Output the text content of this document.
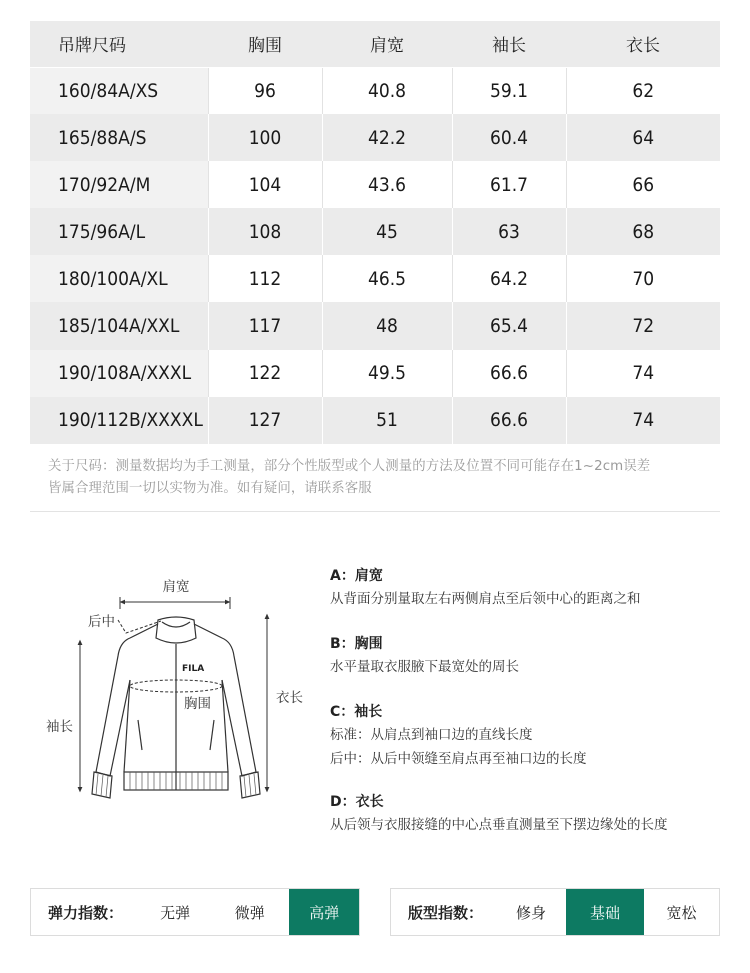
吊牌尺码	胸围	肩宽	袖长	衣长
160/84A/XS	96	40.8	59.1	62
165/88A/S	100	42.2	60.4	64
170/92A/M	104	43.6	61.7	66
175/96A/L	108	45	63	68
180/100A/XL	112	46.5	64.2	70
185/104A/XXL	117	48	65.4	72
190/108A/XXXL	122	49.5	66.6	74
190/112B/XXXXL	127	51	66.6	74
关于尺码：测量数据均为手工测量，部分个性版型或个人测量的方法及位置不同可能存在1~2cm误差
皆属合理范围一切以实物为准。如有疑问，请联系客服
肩宽
后中
FILA
胸围	衣长
袖长
A：肩宽
从背面分别量取左右两侧肩点至后领中心的距离之和
B：胸围
水平量取衣服腋下最宽处的周长
C：袖长
标准：从肩点到袖口边的直线长度
后中：从后中领缝至肩点再至袖口边的长度
D：衣长
从后领与衣服接缝的中心点垂直测量至下摆边缘处的长度
弹力指数：	无弹	微弹	高弹	版型指数：	修身	基础	宽松
